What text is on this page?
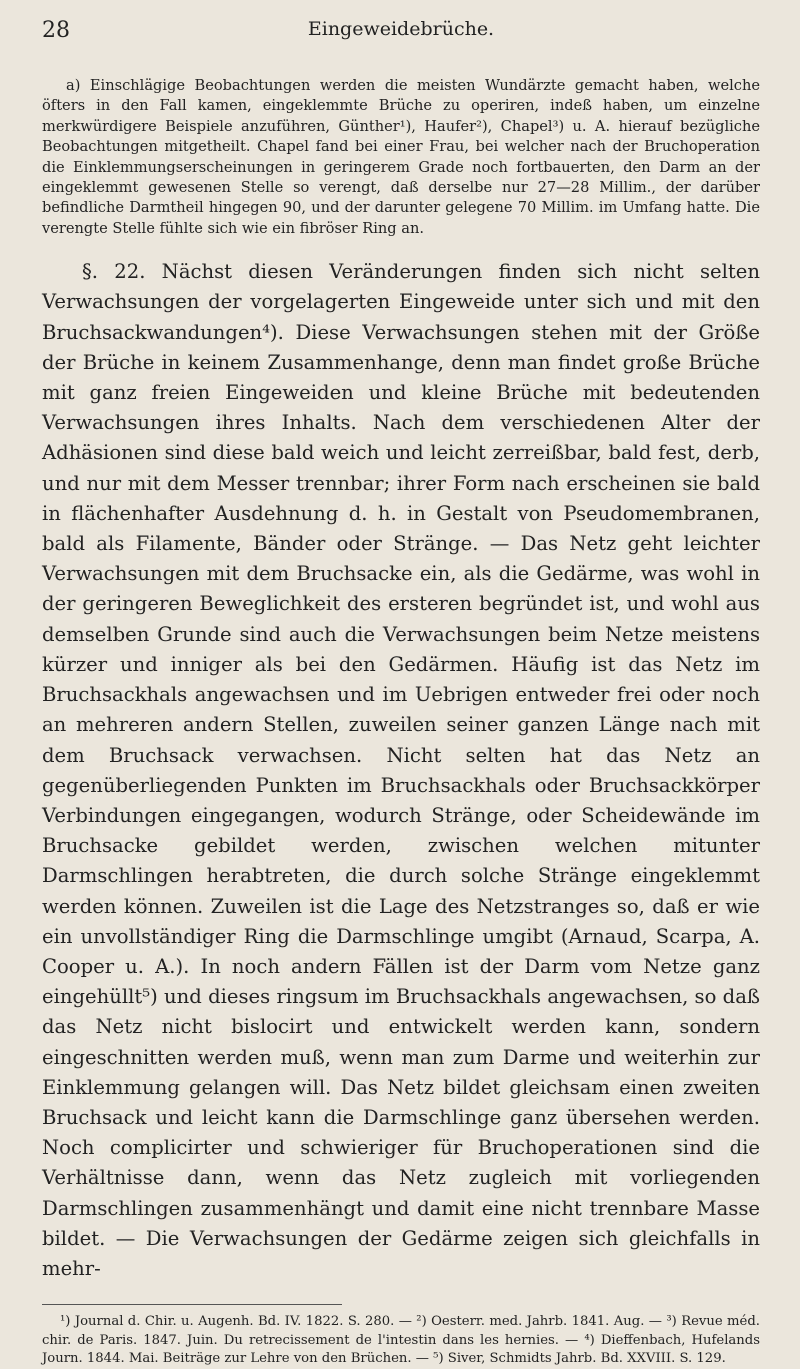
28	Eingeweidebrüche.

a) Einschlägige Beobachtungen werden die meisten Wundärzte gemacht haben, welche öfters in den Fall kamen, eingeklemmte Brüche zu operiren, indeß haben, um einzelne merkwürdigere Beispiele anzuführen, Günther¹), Haufer²), Chapel³) u. A. hierauf bezügliche Beobachtungen mitgetheilt. Chapel fand bei einer Frau, bei welcher nach der Bruchoperation die Einklemmungserscheinungen in geringerem Grade noch fortbauerten, den Darm an der eingeklemmt gewesenen Stelle so verengt, daß derselbe nur 27—28 Millim., der darüber befindliche Darmtheil hingegen 90, und der darunter gelegene 70 Millim. im Umfang hatte. Die verengte Stelle fühlte sich wie ein fibröser Ring an.

§. 22. Nächst diesen Veränderungen finden sich nicht selten Verwachsungen der vorgelagerten Eingeweide unter sich und mit den Bruchsackwandungen⁴). Diese Verwachsungen stehen mit der Größe der Brüche in keinem Zusammenhange, denn man findet große Brüche mit ganz freien Eingeweiden und kleine Brüche mit bedeutenden Verwachsungen ihres Inhalts. Nach dem verschiedenen Alter der Adhäsionen sind diese bald weich und leicht zerreißbar, bald fest, derb, und nur mit dem Messer trennbar; ihrer Form nach erscheinen sie bald in flächenhafter Ausdehnung d. h. in Gestalt von Pseudomembranen, bald als Filamente, Bänder oder Stränge. — Das Netz geht leichter Verwachsungen mit dem Bruchsacke ein, als die Gedärme, was wohl in der geringeren Beweglichkeit des ersteren begründet ist, und wohl aus demselben Grunde sind auch die Verwachsungen beim Netze meistens kürzer und inniger als bei den Gedärmen. Häufig ist das Netz im Bruchsackhals angewachsen und im Uebrigen entweder frei oder noch an mehreren andern Stellen, zuweilen seiner ganzen Länge nach mit dem Bruchsack verwachsen. Nicht selten hat das Netz an gegenüberliegenden Punkten im Bruchsackhals oder Bruchsackkörper Verbindungen eingegangen, wodurch Stränge, oder Scheidewände im Bruchsacke gebildet werden, zwischen welchen mitunter Darmschlingen herabtreten, die durch solche Stränge eingeklemmt werden können. Zuweilen ist die Lage des Netzstranges so, daß er wie ein unvollständiger Ring die Darmschlinge umgibt (Arnaud, Scarpa, A. Cooper u. A.). In noch andern Fällen ist der Darm vom Netze ganz eingehüllt⁵) und dieses ringsum im Bruchsackhals angewachsen, so daß das Netz nicht bislocirt und entwickelt werden kann, sondern eingeschnitten werden muß, wenn man zum Darme und weiterhin zur Einklemmung gelangen will. Das Netz bildet gleichsam einen zweiten Bruchsack und leicht kann die Darmschlinge ganz übersehen werden. Noch complicirter und schwieriger für Bruchoperationen sind die Verhältnisse dann, wenn das Netz zugleich mit vorliegenden Darmschlingen zusammenhängt und damit eine nicht trennbare Masse bildet. — Die Verwachsungen der Gedärme zeigen sich gleichfalls in mehr-

¹) Journal d. Chir. u. Augenh. Bd. IV. 1822. S. 280. — ²) Oesterr. med. Jahrb. 1841. Aug. — ³) Revue méd. chir. de Paris. 1847. Juin. Du retrecissement de l'intestin dans les hernies. — ⁴) Dieffenbach, Hufelands Journ. 1844. Mai. Beiträge zur Lehre von den Brüchen. — ⁵) Siver, Schmidts Jahrb. Bd. XXVIII. S. 129.
